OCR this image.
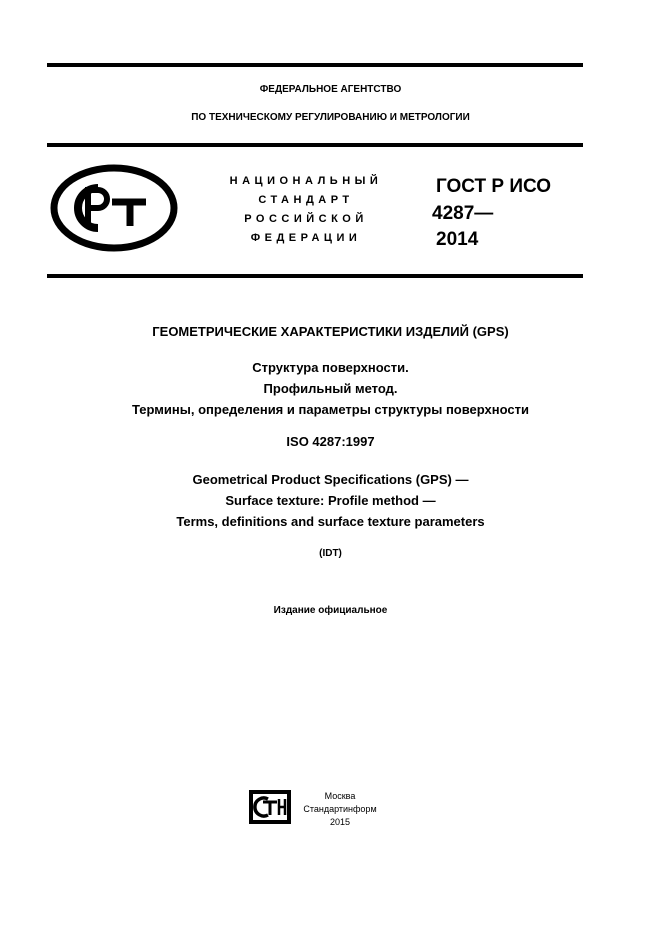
ФЕДЕРАЛЬНОЕ АГЕНТСТВО
ПО ТЕХНИЧЕСКОМУ РЕГУЛИРОВАНИЮ И МЕТРОЛОГИИ
НАЦИОНАЛЬНЫЙ
СТАНДАРТ
РОССИЙСКОЙ
ФЕДЕРАЦИИ
ГОСТ Р ИСО
4287—
2014
ГЕОМЕТРИЧЕСКИЕ ХАРАКТЕРИСТИКИ ИЗДЕЛИЙ (GPS)
Структура поверхности.
Профильный метод.
Термины, определения и параметры структуры поверхности
ISO 4287:1997
Geometrical Product Specifications (GPS) —
Surface texture: Profile method —
Terms, definitions and surface texture parameters
(IDT)
Издание официальное
Москва
Стандартинформ
2015
